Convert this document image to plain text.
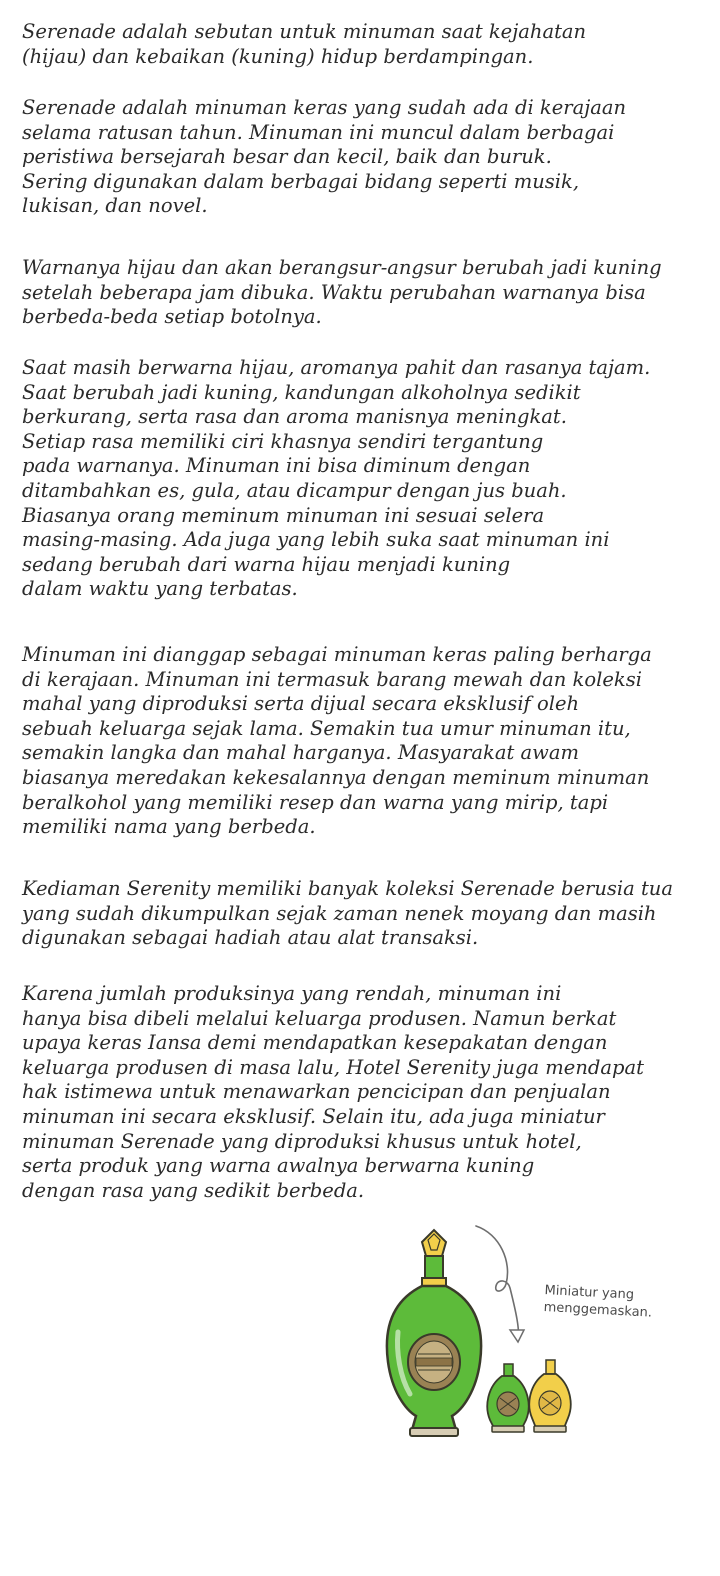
Serenade adalah sebutan untuk minuman saat kejahatan
(hijau) dan kebaikan (kuning) hidup berdampingan.
Serenade adalah minuman keras yang sudah ada di kerajaan
selama ratusan tahun. Minuman ini muncul dalam berbagai
peristiwa bersejarah besar dan kecil, baik dan buruk.
Sering digunakan dalam berbagai bidang seperti musik,
lukisan, dan novel.
Warnanya hijau dan akan berangsur-angsur berubah jadi kuning
setelah beberapa jam dibuka. Waktu perubahan warnanya bisa
berbeda-beda setiap botolnya.
Saat masih berwarna hijau, aromanya pahit dan rasanya tajam.
Saat berubah jadi kuning, kandungan alkoholnya sedikit
berkurang, serta rasa dan aroma manisnya meningkat.
Setiap rasa memiliki ciri khasnya sendiri tergantung
pada warnanya. Minuman ini bisa diminum dengan
ditambahkan es, gula, atau dicampur dengan jus buah.
Biasanya orang meminum minuman ini sesuai selera
masing-masing. Ada juga yang lebih suka saat minuman ini
sedang berubah dari warna hijau menjadi kuning
dalam waktu yang terbatas.
Minuman ini dianggap sebagai minuman keras paling berharga
di kerajaan. Minuman ini termasuk barang mewah dan koleksi
mahal yang diproduksi serta dijual secara eksklusif oleh
sebuah keluarga sejak lama. Semakin tua umur minuman itu,
semakin langka dan mahal harganya. Masyarakat awam
biasanya meredakan kekesalannya dengan meminum minuman
beralkohol yang memiliki resep dan warna yang mirip, tapi
memiliki nama yang berbeda.
Kediaman Serenity memiliki banyak koleksi Serenade berusia tua
yang sudah dikumpulkan sejak zaman nenek moyang dan masih
digunakan sebagai hadiah atau alat transaksi.
Karena jumlah produksinya yang rendah, minuman ini
hanya bisa dibeli melalui keluarga produsen. Namun berkat
upaya keras Iansa demi mendapatkan kesepakatan dengan
keluarga produsen di masa lalu, Hotel Serenity juga mendapat
hak istimewa untuk menawarkan pencicipan dan penjualan
minuman ini secara eksklusif. Selain itu, ada juga miniatur
minuman Serenade yang diproduksi khusus untuk hotel,
serta produk yang warna awalnya berwarna kuning
dengan rasa yang sedikit berbeda.
Miniatur yang
menggemaskan.
